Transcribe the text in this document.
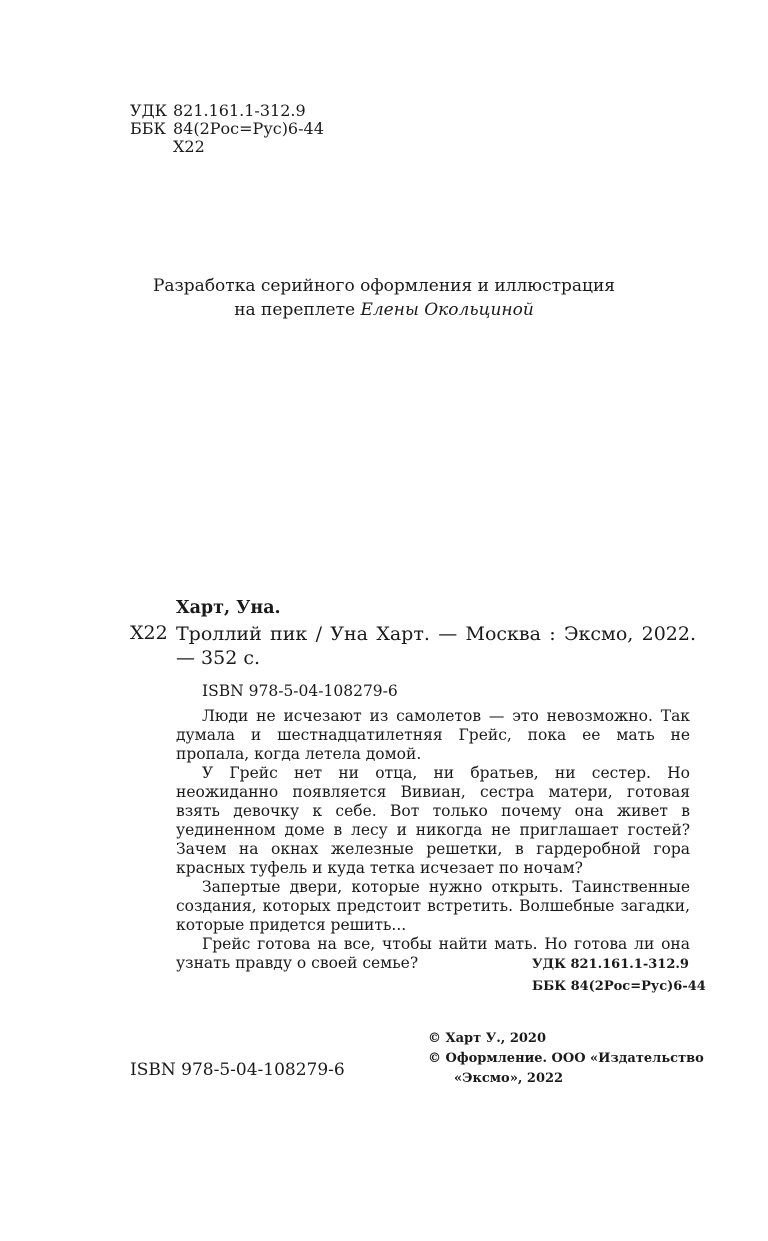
УДК 821.161.1-312.9
ББК 84(2Рос=Рус)6-44
Х22
Разработка серийного оформления и иллюстрация
на переплете Елены Окольциной
Харт, Уна.
Х22 Троллий пик / Уна Харт. — Москва : Эксмо, 2022. — 352 с.
ISBN 978-5-04-108279-6

Люди не исчезают из самолетов — это невозможно. Так думала и шестнадцатилетняя Грейс, пока ее мать не пропала, когда летела домой.

У Грейс нет ни отца, ни братьев, ни сестер. Но неожиданно появляется Вивиан, сестра матери, готовая взять девочку к себе. Вот только почему она живет в уединенном доме в лесу и никогда не приглашает гостей? Зачем на окнах железные решетки, в гардеробной гора красных туфель и куда тетка исчезает по ночам?

Запертые двери, которые нужно открыть. Таинственные создания, которых предстоит встретить. Волшебные загадки, которые придется решить...

Грейс готова на все, чтобы найти мать. Но готова ли она узнать правду о своей семье?	УДК 821.161.1-312.9
ББК 84(2Рос=Рус)6-44
© Харт У., 2020
© Оформление. ООО «Издательство
«Эксмо», 2022
ISBN 978-5-04-108279-6
